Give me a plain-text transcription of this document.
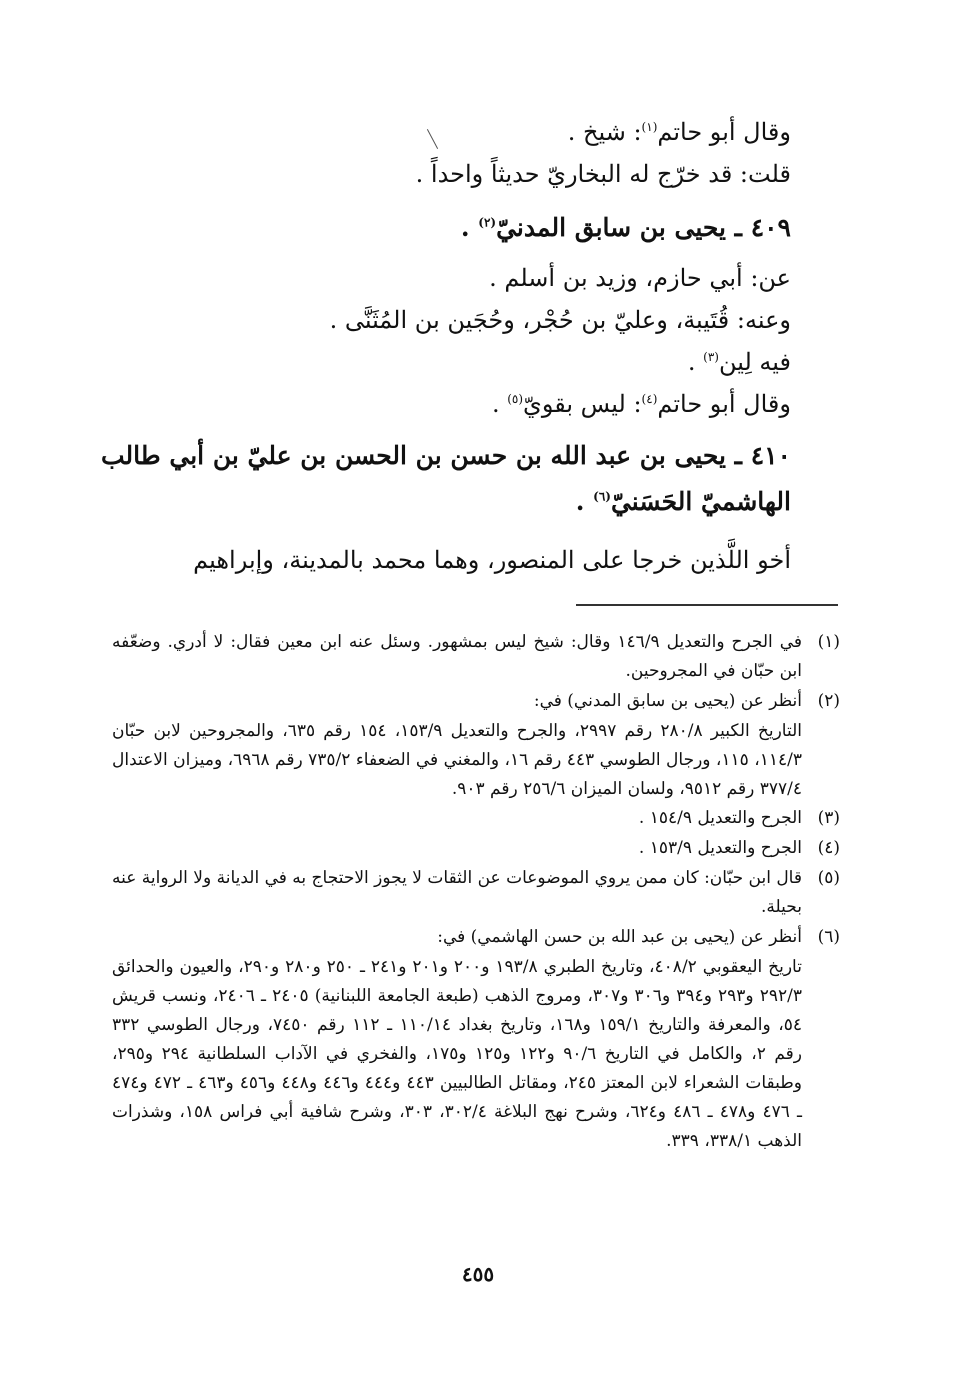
وقال أبو حاتم$^{(١)}$: شيخ .

قلت: قد خرّج له البخاريّ حديثاً واحداً .

٤٠٩ ـ يحيى بن سابق المدنيّ$^{(٢)}$ .

عن: أبي حازم، وزيد بن أسلم .

وعنه: قُتَيبة، وعليّ بن حُجْر، وحُجَين بن المُثَنَّى .

فيه لِين$^{(٣)}$ .

وقال أبو حاتم$^{(٤)}$: ليس بقويّ$^{(٥)}$ .

٤١٠ ـ يحيى بن عبد الله بن حسن بن الحسن بن عليّ بن أبي طالب الهاشميّ الحَسَنيّ$^{(٦)}$ .

أخو اللَّذين خرجا على المنصور، وهما محمد بالمدينة، وإبراهيم

(١)
في الجرح والتعديل ١٤٦/٩ وقال: شيخ ليس بمشهور. وسئل عنه ابن معين فقال: لا أدري. وضعّفه ابن حبّان في المجروحين.
(٢)
أنظر عن (يحيى بن سابق المدني) في:
التاريخ الكبير ٢٨٠/٨ رقم ٢٩٩٧، والجرح والتعديل ١٥٣/٩، ١٥٤ رقم ٦٣٥، والمجروحين لابن حبّان ١١٤/٣، ١١٥، ورجال الطوسي ٤٤٣ رقم ١٦، والمغني في الضعفاء ٧٣٥/٢ رقم ٦٩٦٨، وميزان الاعتدال ٣٧٧/٤ رقم ٩٥١٢، ولسان الميزان ٢٥٦/٦ رقم ٩٠٣.
(٣)
الجرح والتعديل ١٥٤/٩ .
(٤)
الجرح والتعديل ١٥٣/٩ .
(٥)
قال ابن حبّان: كان ممن يروي الموضوعات عن الثقات لا يجوز الاحتجاج به في الديانة ولا الرواية عنه بحيلة.
(٦)
أنظر عن (يحيى بن عبد الله بن حسن الهاشمي) في:
تاريخ اليعقوبي ٤٠٨/٢، وتاريخ الطبري ١٩٣/٨ و٢٠٠ و٢٠١ و٢٤١ ـ ٢٥٠ و٢٨٠ و٢٩٠، والعيون والحدائق ٢٩٢/٣ و٢٩٣ و٣٩٤ و٣٠٦ و٣٠٧، ومروج الذهب (طبعة الجامعة اللبنانية) ٢٤٠٥ ـ ٢٤٠٦، ونسب قريش ٥٤، والمعرفة والتاريخ ١٥٩/١ و١٦٨، وتاريخ بغداد ١١٠/١٤ ـ ١١٢ رقم ٧٤٥٠، ورجال الطوسي ٣٣٢ رقم ٢، والكامل في التاريخ ٩٠/٦ و١٢٢ و١٢٥ و١٧٥، والفخري في الآداب السلطانية ٢٩٤ و٢٩٥، وطبقات الشعراء لابن المعتز ٢٤٥، ومقاتل الطالبيين ٤٤٣ و٤٤٤ و٤٤٦ و٤٤٨ و٤٥٦ و٤٦٣ ـ ٤٧٢ و٤٧٤ ـ ٤٧٦ و٤٧٨ ـ ٤٨٦ و٦٢٤، وشرح نهج البلاغة ٣٠٢/٤، ٣٠٣، وشرح شافية أبي فراس ١٥٨، وشذرات الذهب ٣٣٨/١، ٣٣٩.
٤٥٥
